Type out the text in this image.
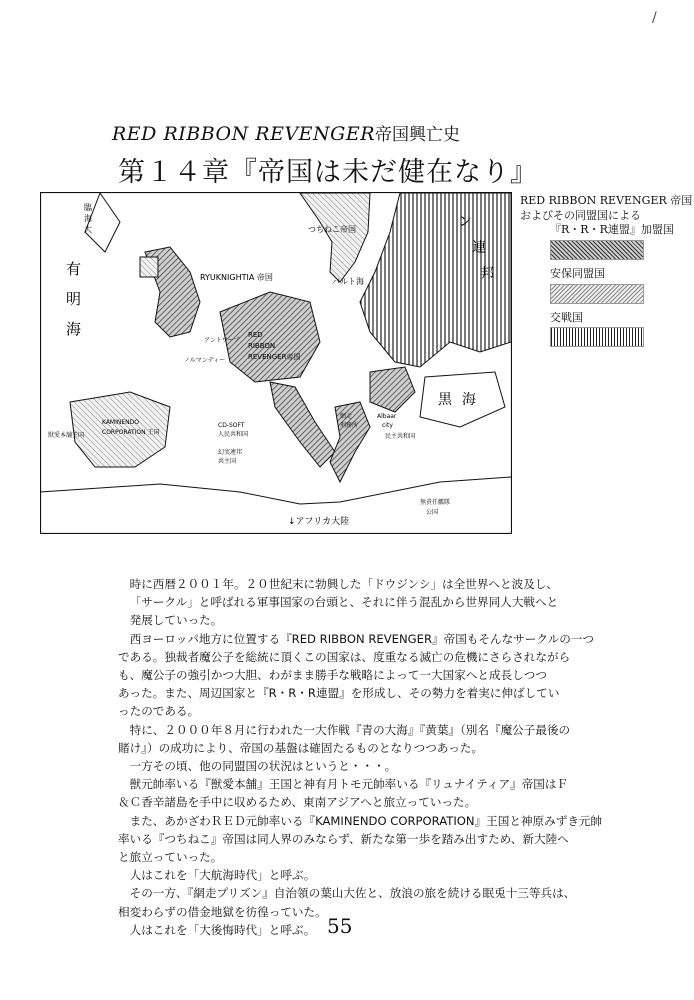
/
RED RIBBON REVENGER帝国興亡史
第１４章『帝国は未だ健在なり』
有
明
海
臨
海
大	つちねこ帝国
バルト海
ン
連
邦
RYUKNIGHTIA 帝国
RED
RIBBON
REVENGER帝国
アントワープ
ノルマンディー
KAMINENDO
CORPORATION 王国
獣愛本舗王国
CD-SOFT
人民共和国
幻実連邦
共主国
網走
刑務所
黒 海
Albaar
city
民主共和国
無責任艦隊
公国
↓アフリカ大陸
RED RIBBON REVENGER 帝国
およびその同盟国による
『R・R・R連盟』加盟国
安保同盟国
交戦国

時に西暦２００１年。２０世紀末に勃興した「ドウジンシ」は全世界へと波及し、

「サークル」と呼ばれる軍事国家の台頭と、それに伴う混乱から世界同人大戦へと

発展していった。

西ヨーロッパ地方に位置する『RED RIBBON REVENGER』帝国もそんなサークルの一つ

である。独裁者魔公子を総統に頂くこの国家は、度重なる滅亡の危機にさらされながら

も、魔公子の強引かつ大胆、わがまま勝手な戦略によって一大国家へと成長しつつ

あった。また、周辺国家と『R・R・R連盟』を形成し、その勢力を着実に伸ばしてい

ったのである。

特に、２０００年８月に行われた一大作戦『青の大海』『黄葉』（別名『魔公子最後の

賭け』）の成功により、帝国の基盤は確固たるものとなりつつあった。

一方その頃、他の同盟国の状況はというと・・・。

獣元帥率いる『獣愛本舗』王国と神有月トモ元帥率いる『リュナイティア』帝国はＦ

＆Ｃ香辛諸島を手中に収めるため、東南アジアへと旅立っていった。

また、あかざわＲＥＤ元帥率いる『KAMINENDO CORPORATION』王国と神原みずき元帥

率いる『つちねこ』帝国は同人界のみならず、新たな第一歩を踏み出すため、新大陸へ

と旅立っていった。

人はこれを「大航海時代」と呼ぶ。

その一方、『網走プリズン』自治領の葉山大佐と、放浪の旅を続ける眠兎十三等兵は、

相変わらずの借金地獄を彷徨っていた。

人はこれを「大後悔時代」と呼ぶ。 55
